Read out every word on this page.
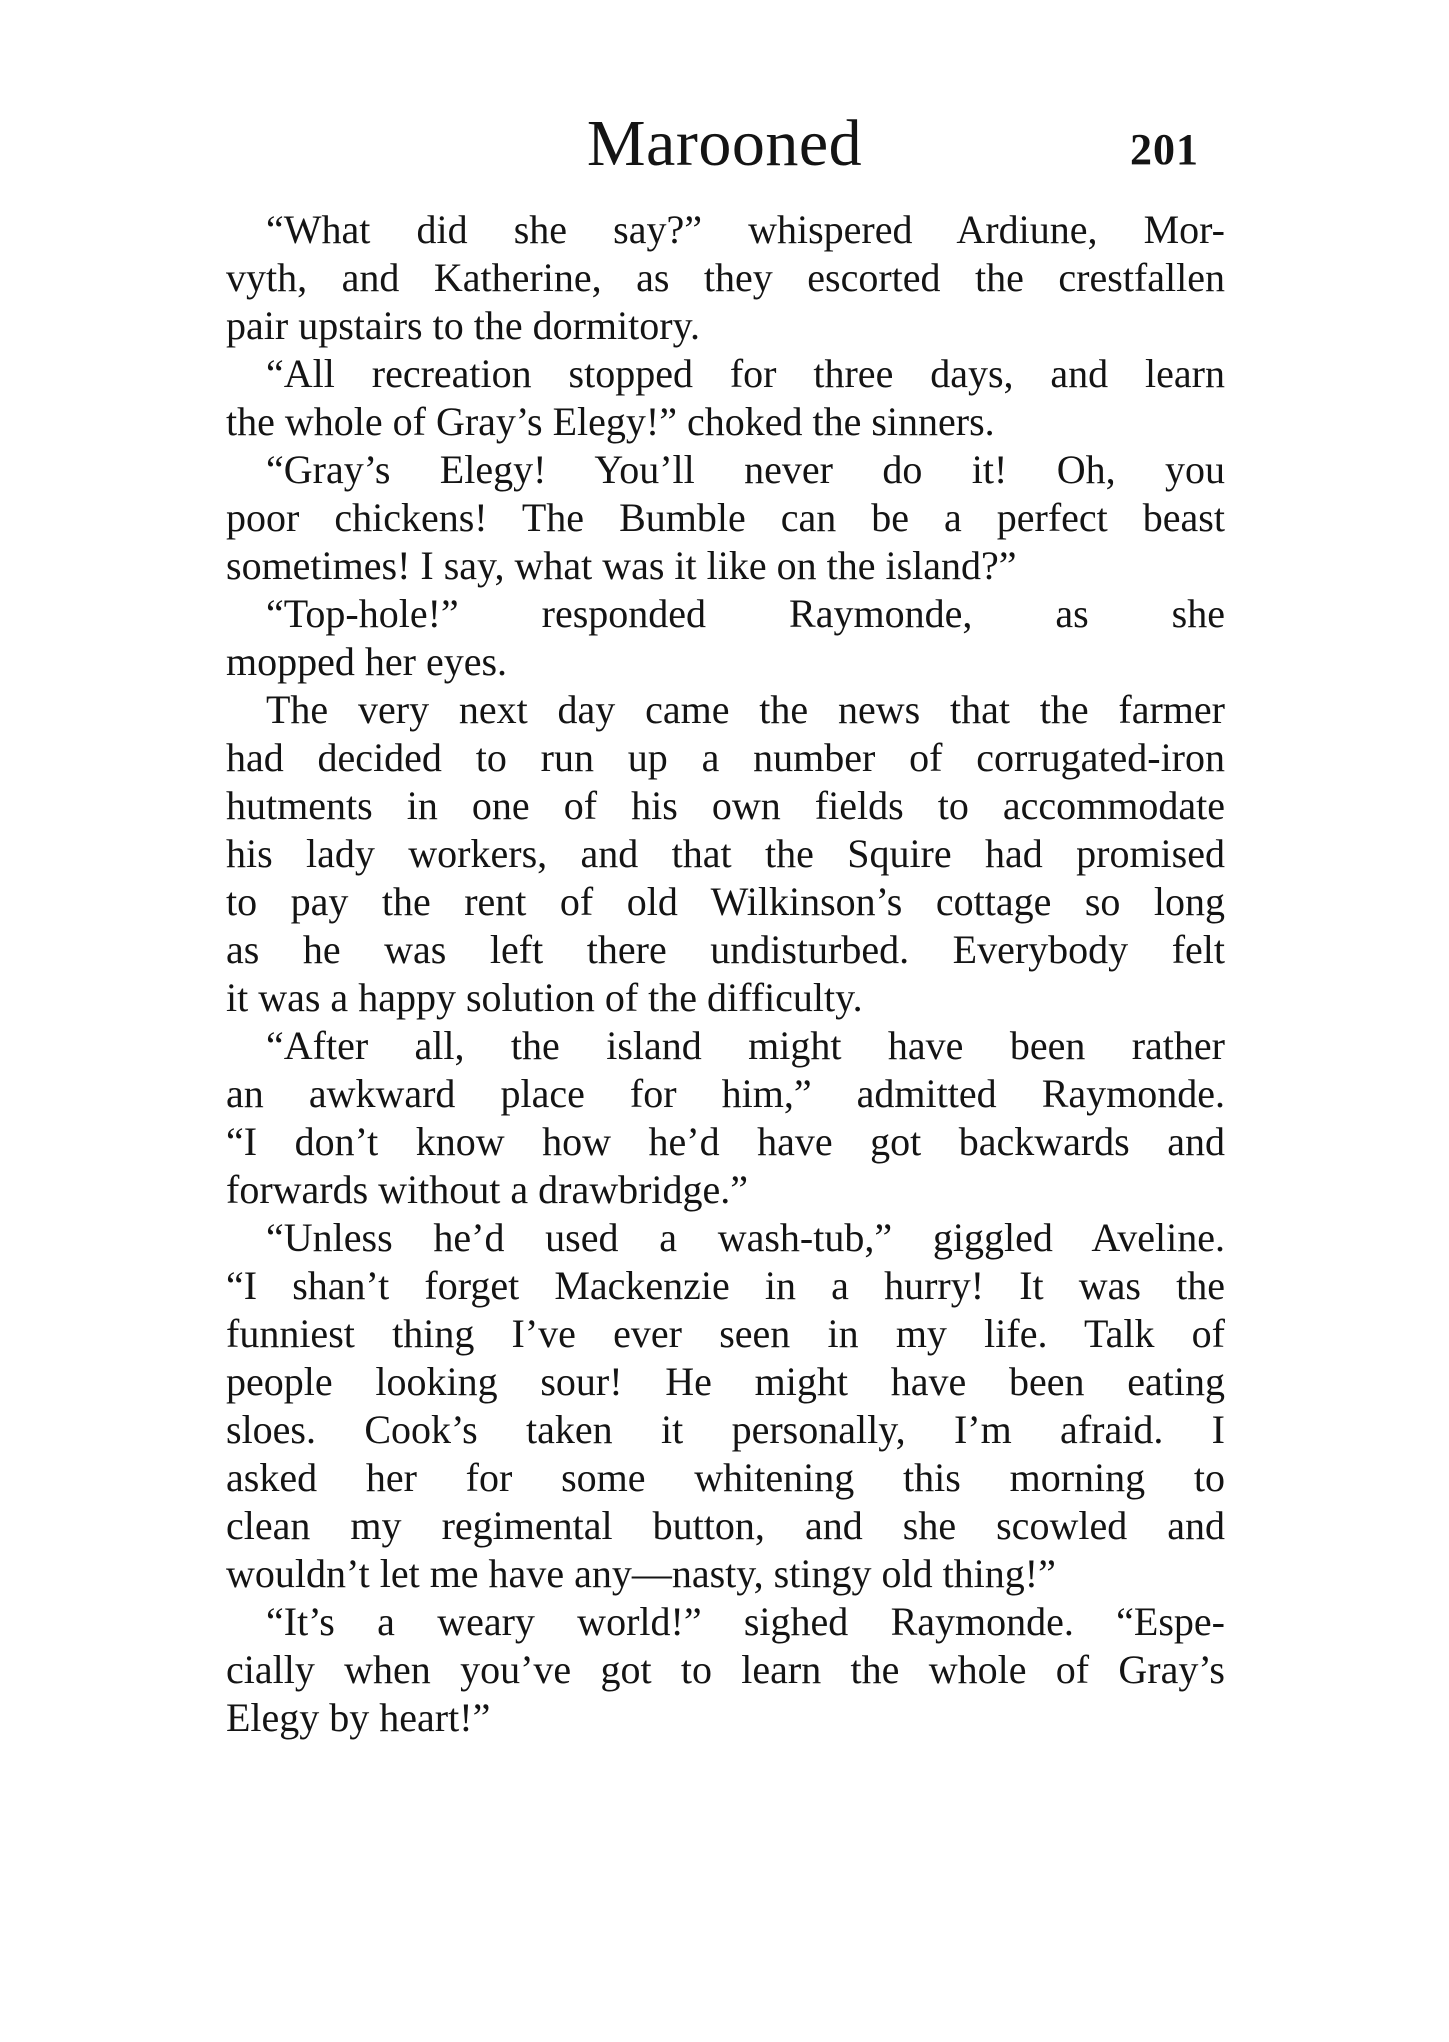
Marooned	201
“What did she say?” whispered Ardiune, Mor-
vyth, and Katherine, as they escorted the crestfallen
pair upstairs to the dormitory.
“All recreation stopped for three days, and learn
the whole of Gray’s Elegy!” choked the sinners.
“Gray’s Elegy! You’ll never do it! Oh, you
poor chickens! The Bumble can be a perfect beast
sometimes! I say, what was it like on the island?”
“Top-hole!” responded Raymonde, as she
mopped her eyes.
The very next day came the news that the farmer
had decided to run up a number of corrugated-iron
hutments in one of his own fields to accommodate
his lady workers, and that the Squire had promised
to pay the rent of old Wilkinson’s cottage so long
as he was left there undisturbed. Everybody felt
it was a happy solution of the difficulty.
“After all, the island might have been rather
an awkward place for him,” admitted Raymonde.
“I don’t know how he’d have got backwards and
forwards without a drawbridge.”
“Unless he’d used a wash-tub,” giggled Aveline.
“I shan’t forget Mackenzie in a hurry! It was the
funniest thing I’ve ever seen in my life. Talk of
people looking sour! He might have been eating
sloes. Cook’s taken it personally, I’m afraid. I
asked her for some whitening this morning to
clean my regimental button, and she scowled and
wouldn’t let me have any—nasty, stingy old thing!”
“It’s a weary world!” sighed Raymonde. “Espe-
cially when you’ve got to learn the whole of Gray’s
Elegy by heart!”
